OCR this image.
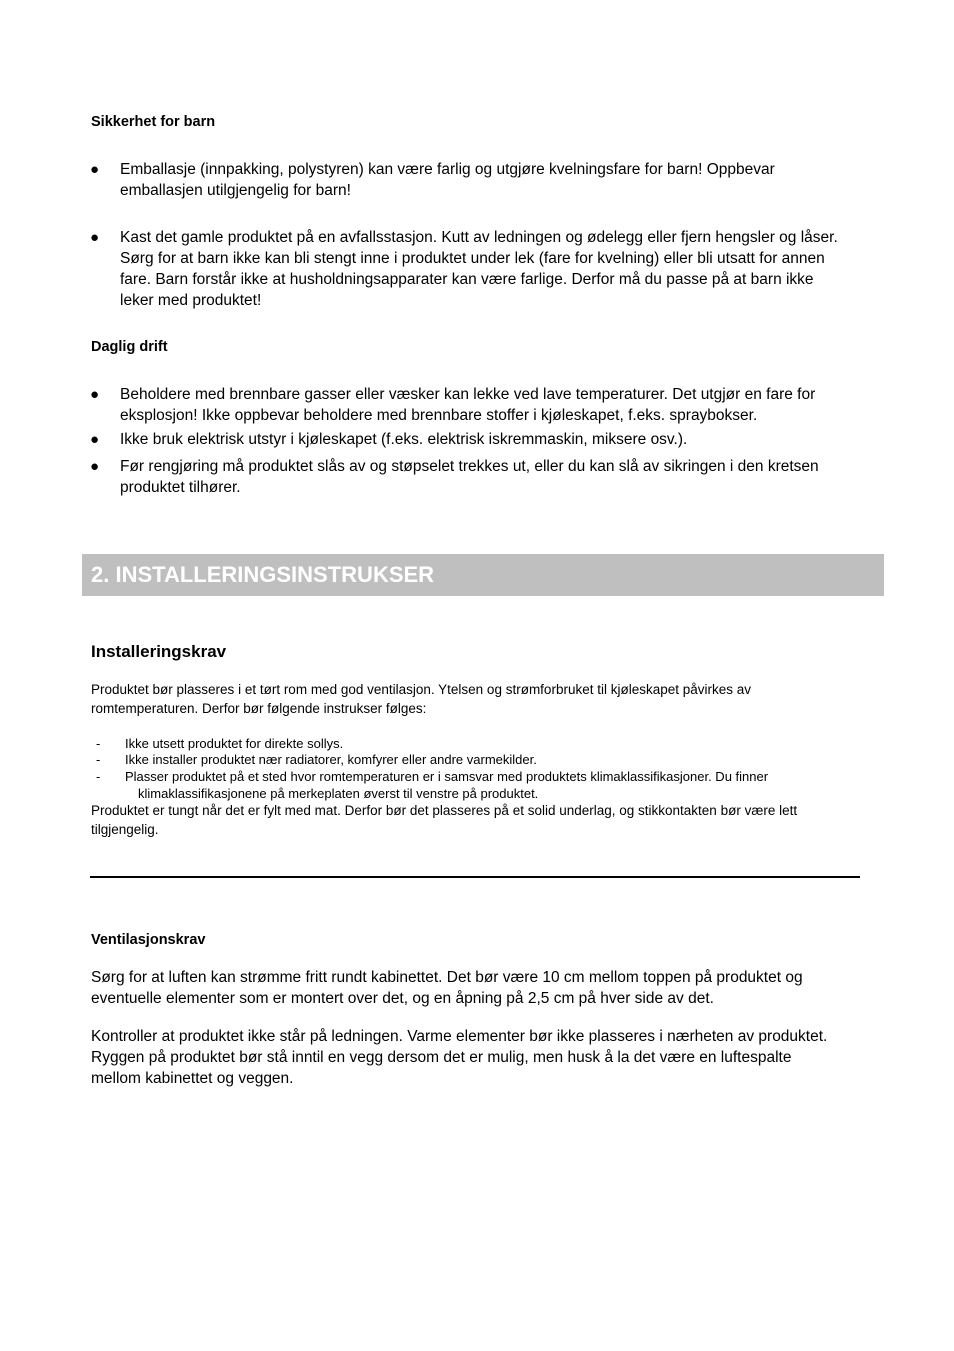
Sikkerhet for barn
● Emballasje (innpakking, polystyren) kan være farlig og utgjøre kvelningsfare for barn! Oppbevar
emballasjen utilgjengelig for barn!
● Kast det gamle produktet på en avfallsstasjon. Kutt av ledningen og ødelegg eller fjern hengsler og låser.
Sørg for at barn ikke kan bli stengt inne i produktet under lek (fare for kvelning) eller bli utsatt for annen
fare. Barn forstår ikke at husholdningsapparater kan være farlige. Derfor må du passe på at barn ikke
leker med produktet!
Daglig drift
● Beholdere med brennbare gasser eller væsker kan lekke ved lave temperaturer. Det utgjør en fare for
eksplosjon! Ikke oppbevar beholdere med brennbare stoffer i kjøleskapet, f.eks. spraybokser.
● Ikke bruk elektrisk utstyr i kjøleskapet (f.eks. elektrisk iskremmaskin, miksere osv.).
● Før rengjøring må produktet slås av og støpselet trekkes ut, eller du kan slå av sikringen i den kretsen
produktet tilhører.
2. INSTALLERINGSINSTRUKSER
Installeringskrav
Produktet bør plasseres i et tørt rom med god ventilasjon. Ytelsen og strømforbruket til kjøleskapet påvirkes av
romtemperaturen. Derfor bør følgende instrukser følges:
- Ikke utsett produktet for direkte sollys.
- Ikke installer produktet nær radiatorer, komfyrer eller andre varmekilder.
- Plasser produktet på et sted hvor romtemperaturen er i samsvar med produktets klimaklassifikasjoner. Du finner
klimaklassifikasjonene på merkeplaten øverst til venstre på produktet.
Produktet er tungt når det er fylt med mat. Derfor bør det plasseres på et solid underlag, og stikkontakten bør være lett
tilgjengelig.
Ventilasjonskrav
Sørg for at luften kan strømme fritt rundt kabinettet. Det bør være 10 cm mellom toppen på produktet og
eventuelle elementer som er montert over det, og en åpning på 2,5 cm på hver side av det.
Kontroller at produktet ikke står på ledningen. Varme elementer bør ikke plasseres i nærheten av produktet.
Ryggen på produktet bør stå inntil en vegg dersom det er mulig, men husk å la det være en luftespalte
mellom kabinettet og veggen.
